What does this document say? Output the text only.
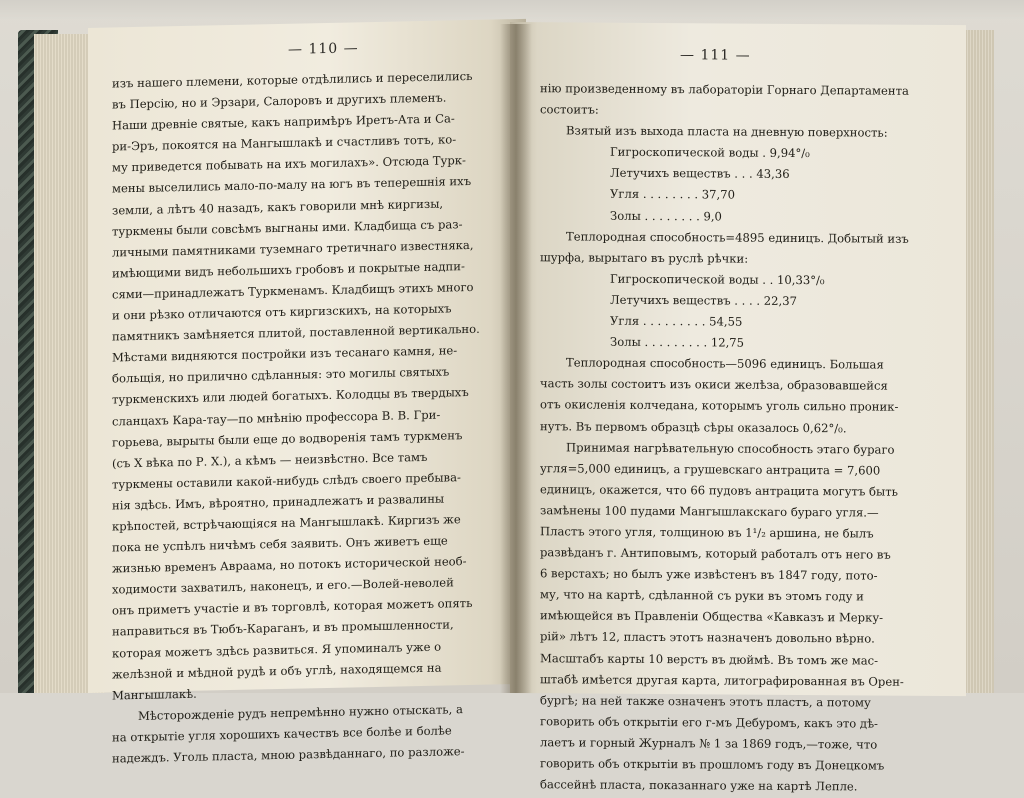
— 110 —
изъ нашего племени, которые отдѣлились и переселились
въ Персію, но и Эрзари, Салоровъ и другихъ племенъ.
Наши древніе святые, какъ напримѣръ Иретъ-Ата и Са-
ри-Эръ, покоятся на Мангышлакѣ и счастливъ тотъ, ко-
му приведется побывать на ихъ могилахъ». Отсюда Турк-
мены выселились мало-по-малу на югъ въ теперешнія ихъ
земли, а лѣтъ 40 назадъ, какъ говорили мнѣ киргизы,
туркмены были совсѣмъ выгнаны ими. Кладбища съ раз-
личными памятниками туземнаго третичнаго известняка,
имѣющими видъ небольшихъ гробовъ и покрытые надпи-
сями—принадлежатъ Туркменамъ. Кладбищъ этихъ много
и они рѣзко отличаются отъ киргизскихъ, на которыхъ
памятникъ замѣняется плитой, поставленной вертикально.
Мѣстами видняются постройки изъ тесанаго камня, не-
больщія, но прилично сдѣланныя: это могилы святыхъ
туркменскихъ или людей богатыхъ. Колодцы въ твердыхъ
сланцахъ Кара-тау—по мнѣнію профессора В. В. Гри-
горьева, вырыты были еще до водворенія тамъ туркменъ
(съ Х вѣка по Р. Х.), а кѣмъ — неизвѣстно. Все тамъ
туркмены оставили какой-нибудь слѣдъ своего пребыва-
нія здѣсь. Имъ, вѣроятно, принадлежатъ и развалины
крѣпостей, встрѣчающіяся на Мангышлакѣ. Киргизъ же
пока не успѣлъ ничѣмъ себя заявить. Онъ живетъ еще
жизнью временъ Авраама, но потокъ исторической необ-
ходимости захватилъ, наконецъ, и его.—Волей-неволей
онъ приметъ участіе и въ торговлѣ, которая можетъ опять
направиться въ Тюбъ-Караганъ, и въ промышленности,
которая можетъ здѣсь развиться. Я упоминалъ уже о
желѣзной и мѣдной рудѣ и объ углѣ, находящемся на
Мангышлакѣ.
Мѣсторожденіе рудъ непремѣнно нужно отыскать, а
на открытіе угля хорошихъ качествъ все болѣе и болѣе
надеждъ. Уголь пласта, мною развѣданнаго, по разложе-
— 111 —
нію произведенному въ лабораторіи Горнаго Департамента
состоитъ:
Взятый изъ выхода пласта на дневную поверхность:
Гигроскопической воды . 9,94°/₀
Летучихъ веществъ . . . 43,36
Угля . . . . . . . . 37,70
Золы . . . . . . . . 9,0
Теплородная способность=4895 единицъ. Добытый изъ
шурфа, вырытаго въ руслѣ рѣчки:
Гигроскопической воды . . 10,33°/₀
Летучихъ веществъ . . . . 22,37
Угля . . . . . . . . . 54,55
Золы . . . . . . . . . 12,75
Теплородная способность—5096 единицъ. Большая
часть золы состоитъ изъ окиси желѣза, образовавшейся
отъ окисленія колчедана, которымъ уголь сильно проник-
нутъ. Въ первомъ образцѣ сѣры оказалось 0,62°/₀.
Принимая нагрѣвательную способность этаго бураго
угля=5,000 единицъ, а грушевскаго антрацита = 7,600
единицъ, окажется, что 66 пудовъ антрацита могутъ быть
замѣнены 100 пудами Мангышлакскаго бураго угля.—
Пластъ этого угля, толщиною въ 1¹/₂ аршина, не былъ
развѣданъ г. Антиповымъ, который работалъ отъ него въ
6 верстахъ; но былъ уже извѣстенъ въ 1847 году, пото-
му, что на картѣ, сдѣланной съ руки въ этомъ году и
имѣющейся въ Правленіи Общества «Кавказъ и Мерку-
рій» лѣтъ 12, пластъ этотъ назначенъ довольно вѣрно.
Масштабъ карты 10 верстъ въ дюймѣ. Въ томъ же мас-
штабѣ имѣется другая карта, литографированная въ Орен-
бургѣ; на ней также означенъ этотъ пластъ, а потому
говорить объ открытіи его г-мъ Дебуромъ, какъ это дѣ-
лаетъ и горный Журналъ № 1 за 1869 годъ,—тоже, что
говорить объ открытіи въ прошломъ году въ Донецкомъ
бассейнѣ пласта, показаннаго уже на картѣ Лепле.
